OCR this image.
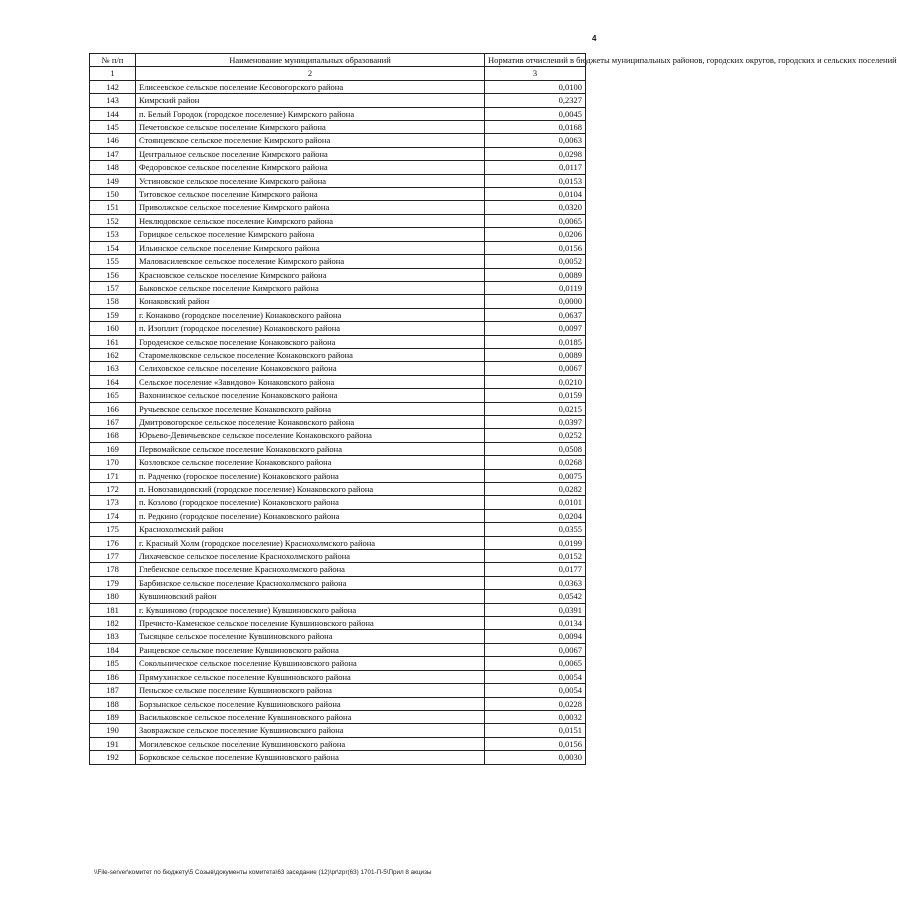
4
№ п/п	Наименование муниципальных образований	Норматив отчислений в бюджеты муниципальных районов, городских округов, городских и сельских поселений
1	2	3
142	Елисеевское сельское поселение Кесовогорского района	0,0100
143	Кимрский район	0,2327
144	п. Белый Городок (городское поселение) Кимрского района	0,0045
145	Печетовское сельское поселение Кимрского района	0,0168
146	Стоянцевское сельское поселение Кимрского района	0,0063
147	Центральное сельское поселение Кимрского района	0,0298
148	Федоровское сельское поселение Кимрского района	0,0117
149	Устиновское сельское поселение Кимрского района	0,0153
150	Титовское сельское поселение Кимрского района	0,0104
151	Приволжское сельское поселение Кимрского района	0,0320
152	Неклюдовское сельское поселение Кимрского района	0,0065
153	Горицкое сельское поселение Кимрского района	0,0206
154	Ильинское сельское поселение Кимрского района	0,0156
155	Маловасилевское сельское поселение Кимрского района	0,0052
156	Красновское сельское поселение Кимрского района	0,0089
157	Быковское сельское поселение Кимрского района	0,0119
158	Конаковский район	0,0000
159	г. Конаково (городское поселение) Конаковского района	0,0637
160	п. Изоплит (городское поселение) Конаковского района	0,0097
161	Городенское сельское поселение Конаковского района	0,0185
162	Старомелковское сельское поселение Конаковского района	0,0089
163	Селиховское сельское поселение Конаковского района	0,0067
164	Сельское поселение «Завидово» Конаковского района	0,0210
165	Вахонинское сельское поселение Конаковского района	0,0159
166	Ручьевское сельское поселение Конаковского района	0,0215
167	Дмитровогорское сельское поселение Конаковского района	0,0397
168	Юрьево-Девичьевское сельское поселение Конаковского района	0,0252
169	Первомайское сельское поселение Конаковского района	0,0508
170	Козловское сельское поселение Конаковского района	0,0268
171	п. Радченко (гороское поселение) Конаковского района	0,0075
172	п. Новозавидовский (городское поселение) Конаковского района	0,0282
173	п. Козлово (городское поселение) Конаковского района	0,0101
174	п. Редкино (городское поселение) Конаковского района	0,0204
175	Краснохолмский район	0,0355
176	г. Красный Холм (городское поселение) Краснохолмского района	0,0199
177	Лихачевское сельское поселение Краснохолмского района	0,0152
178	Глебенское сельское поселение Краснохолмского района	0,0177
179	Барбинское сельское поселение Краснохолмского района	0,0363
180	Кувшиновский район	0,0542
181	г. Кувшиново (городское поселение) Кувшиновского района	0,0391
182	Пречисто-Каменское сельское поселение Кувшиновского района	0,0134
183	Тысяцкое сельское поселение Кувшиновского района	0,0094
184	Ранцевское сельское поселение Кувшиновского района	0,0067
185	Сокольническое сельское поселение Кувшиновского района	0,0065
186	Прямухинское сельское поселение Кувшиновского района	0,0054
187	Пеньское сельское поселение Кувшиновского района	0,0054
188	Борзынское сельское поселение Кувшиновского района	0,0228
189	Васильковское сельское поселение Кувшиновского района	0,0032
190	Заовражское сельское поселение Кувшиновского района	0,0151
191	Могилевское сельское поселение Кувшиновского района	0,0156
192	Борковское сельское поселение Кувшиновского района	0,0030
\\File-server\комитет по бюджету\5 Созыв\документы комитета\63 заседание (12)\pr\zpr(63) 1701-П-5\Прил 8 акцизы
